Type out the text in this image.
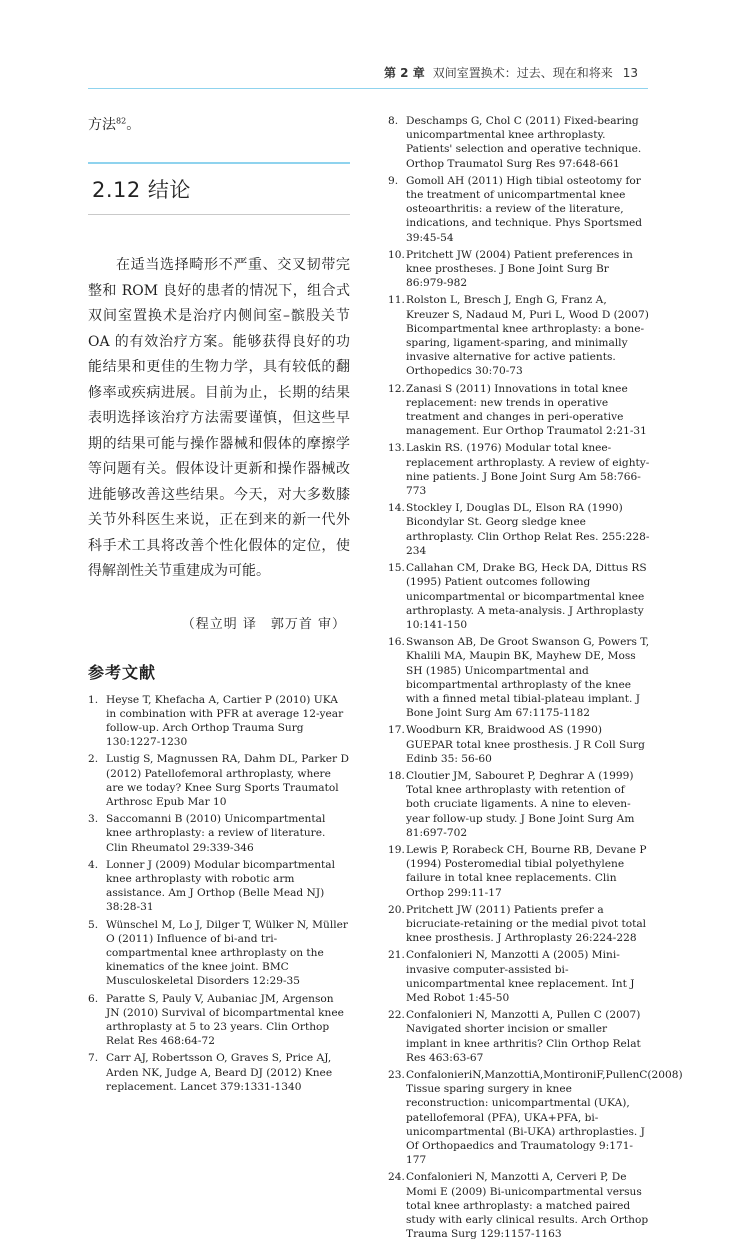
第 2 章 双间室置换术：过去、现在和将来 13
方法$^{82}$。
2.12 结论

在适当选择畸形不严重、交叉韧带完整和 ROM 良好的患者的情况下，组合式双间室置换术是治疗内侧间室–髌股关节 OA 的有效治疗方案。能够获得良好的功能结果和更佳的生物力学，具有较低的翻修率或疾病进展。目前为止，长期的结果表明选择该治疗方法需要谨慎，但这些早期的结果可能与操作器械和假体的摩擦学等问题有关。假体设计更新和操作器械改进能够改善这些结果。今天，对大多数膝关节外科医生来说，正在到来的新一代外科手术工具将改善个性化假体的定位，使得解剖性关节重建成为可能。

（程立明 译　郭万首 审）
参考文献
1. Heyse T, Khefacha A, Cartier P (2010) UKA in combination with PFR at average 12-year follow-up. Arch Orthop Trauma Surg 130:1227-1230
2. Lustig S, Magnussen RA, Dahm DL, Parker D (2012) Patellofemoral arthroplasty, where are we today? Knee Surg Sports Traumatol Arthrosc Epub Mar 10
3. Saccomanni B (2010) Unicompartmental knee arthroplasty: a review of literature. Clin Rheumatol 29:339-346
4. Lonner J (2009) Modular bicompartmental knee arthroplasty with robotic arm assistance. Am J Orthop (Belle Mead NJ) 38:28-31
5. Wünschel M, Lo J, Dilger T, Wülker N, Müller O (2011) Influence of bi-and tri-compartmental knee arthroplasty on the kinematics of the knee joint. BMC Musculoskeletal Disorders 12:29-35
6. Paratte S, Pauly V, Aubaniac JM, Argenson JN (2010) Survival of bicompartmental knee arthroplasty at 5 to 23 years. Clin Orthop Relat Res 468:64-72
7. Carr AJ, Robertsson O, Graves S, Price AJ, Arden NK, Judge A, Beard DJ (2012) Knee replacement. Lancet 379:1331-1340
8. Deschamps G, Chol C (2011) Fixed-bearing unicompartmental knee arthroplasty. Patients' selection and operative technique. Orthop Traumatol Surg Res 97:648-661
9. Gomoll AH (2011) High tibial osteotomy for the treatment of unicompartmental knee osteoarthritis: a review of the literature, indications, and technique. Phys Sportsmed 39:45-54
10. Pritchett JW (2004) Patient preferences in knee prostheses. J Bone Joint Surg Br 86:979-982
11. Rolston L, Bresch J, Engh G, Franz A, Kreuzer S, Nadaud M, Puri L, Wood D (2007) Bicompartmental knee arthroplasty: a bone-sparing, ligament-sparing, and minimally invasive alternative for active patients. Orthopedics 30:70-73
12. Zanasi S (2011) Innovations in total knee replacement: new trends in operative treatment and changes in peri-operative management. Eur Orthop Traumatol 2:21-31
13. Laskin RS. (1976) Modular total knee-replacement arthroplasty. A review of eighty-nine patients. J Bone Joint Surg Am 58:766-773
14. Stockley I, Douglas DL, Elson RA (1990) Bicondylar St. Georg sledge knee arthroplasty. Clin Orthop Relat Res. 255:228-234
15. Callahan CM, Drake BG, Heck DA, Dittus RS (1995) Patient outcomes following unicompartmental or bicompartmental knee arthroplasty. A meta-analysis. J Arthroplasty 10:141-150
16. Swanson AB, De Groot Swanson G, Powers T, Khalili MA, Maupin BK, Mayhew DE, Moss SH (1985) Unicompartmental and bicompartmental arthroplasty of the knee with a finned metal tibial-plateau implant. J Bone Joint Surg Am 67:1175-1182
17. Woodburn KR, Braidwood AS (1990) GUEPAR total knee prosthesis. J R Coll Surg Edinb 35: 56-60
18. Cloutier JM, Sabouret P, Deghrar A (1999) Total knee arthroplasty with retention of both cruciate ligaments. A nine to eleven-year follow-up study. J Bone Joint Surg Am 81:697-702
19. Lewis P, Rorabeck CH, Bourne RB, Devane P (1994) Posteromedial tibial polyethylene failure in total knee replacements. Clin Orthop 299:11-17
20. Pritchett JW (2011) Patients prefer a bicruciate-retaining or the medial pivot total knee prosthesis. J Arthroplasty 26:224-228
21. Confalonieri N, Manzotti A (2005) Mini-invasive computer-assisted bi-unicompartmental knee replacement. Int J Med Robot 1:45-50
22. Confalonieri N, Manzotti A, Pullen C (2007) Navigated shorter incision or smaller implant in knee arthritis? Clin Orthop Relat Res 463:63-67
23. ConfalonieriN,ManzottiA,MontironiF,PullenC(2008) Tissue sparing surgery in knee reconstruction: unicompartmental (UKA), patellofemoral (PFA), UKA+PFA, bi-unicompartmental (Bi-UKA) arthroplasties. J Of Orthopaedics and Traumatology 9:171-177
24. Confalonieri N, Manzotti A, Cerveri P, De Momi E (2009) Bi-unicompartmental versus total knee arthroplasty: a matched paired study with early clinical results. Arch Orthop Trauma Surg 129:1157-1163
